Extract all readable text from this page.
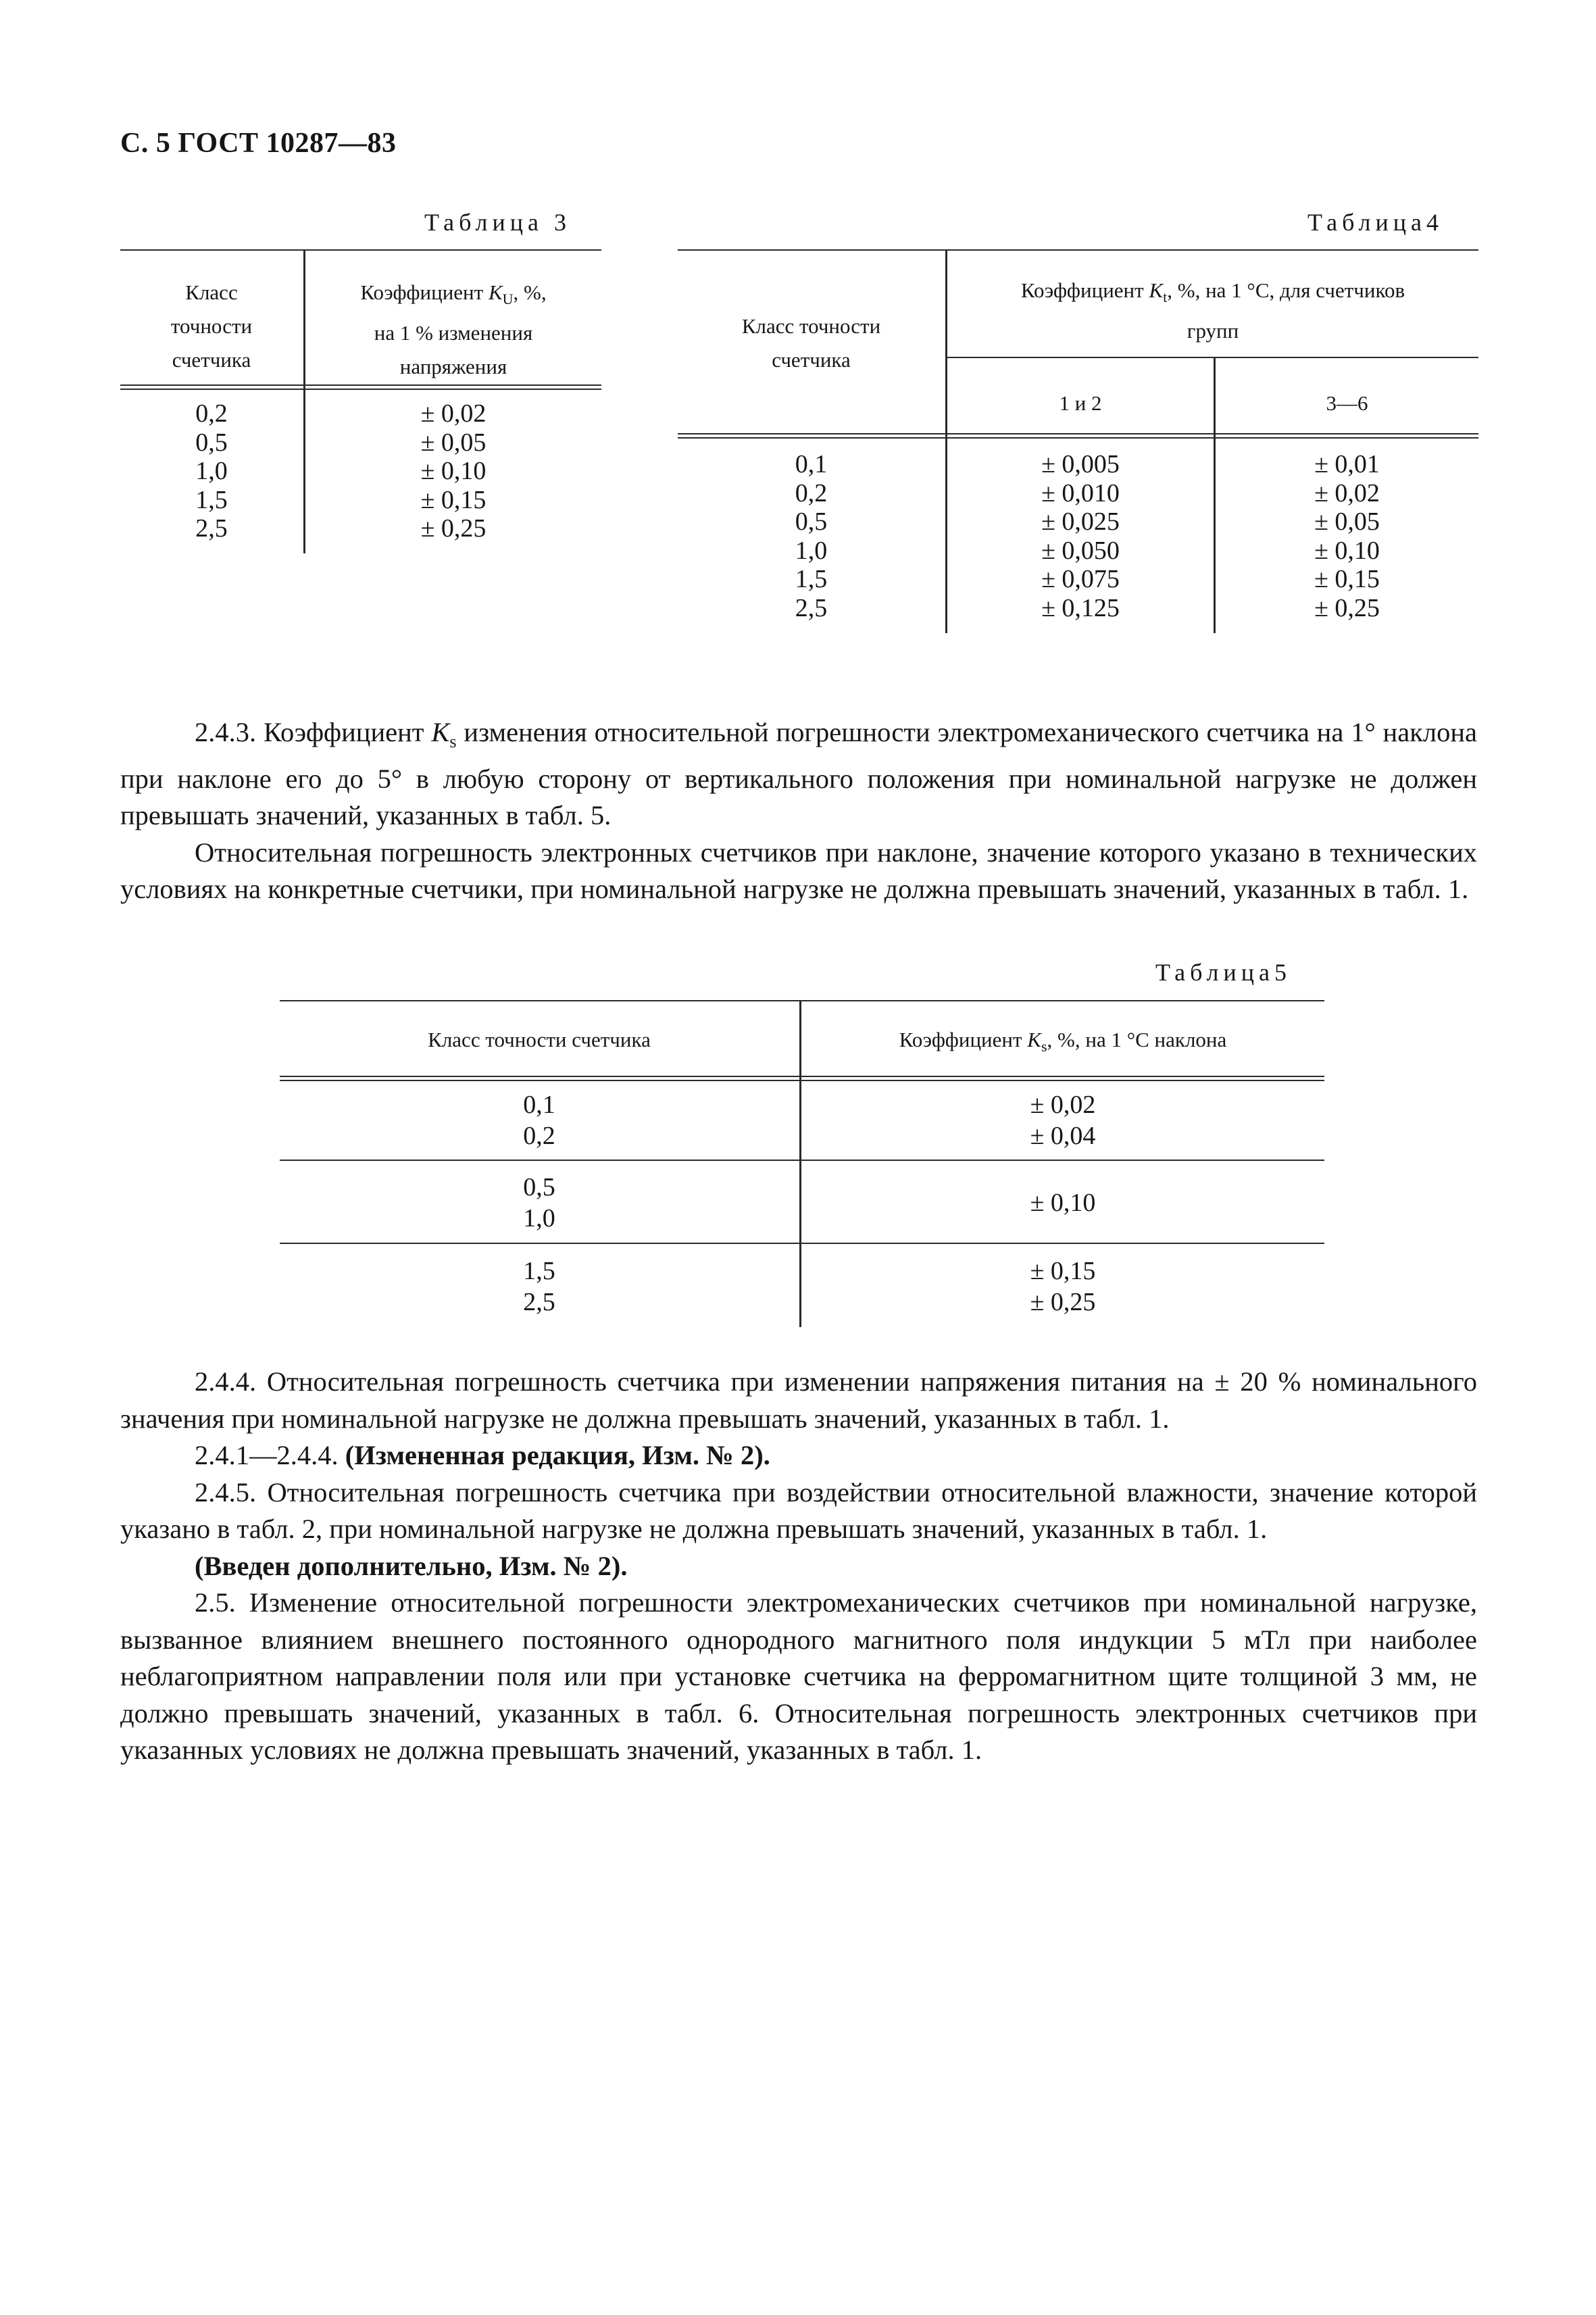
С. 5 ГОСТ 10287—83
Таблица 3
Класс
точности
счетчика
Коэффициент $K_U$, %,
на 1 % изменения
напряжения
0,2
0,5
1,0
1,5
2,5
± 0,02
± 0,05
± 0,10
± 0,15
± 0,25
Таблица4
Класс точности
счетчика
Коэффициент $K_t$, %, на 1 °С, для счетчиков
групп
1 и 2	3—6
0,1
0,2
0,5
1,0
1,5
2,5
± 0,005
± 0,010
± 0,025
± 0,050
± 0,075
± 0,125
± 0,01
± 0,02
± 0,05
± 0,10
± 0,15
± 0,25

2.4.3. Коэффициент $K_s$ изменения относительной погрешности электромеханического счетчика на 1° наклона при наклоне его до 5° в любую сторону от вертикального положения при номинальной нагрузке не должен превышать значений, указанных в табл. 5.

Относительная погрешность электронных счетчиков при наклоне, значение которого указано в технических условиях на конкретные счетчики, при номинальной нагрузке не должна превышать значений, указанных в табл. 1.

Таблица5
Класс точности счетчика	Коэффициент $K_s$, %, на 1 °С наклона
0,1
0,2
± 0,02
± 0,04
0,5
1,0
± 0,10
1,5
2,5
± 0,15
± 0,25

2.4.4. Относительная погрешность счетчика при изменении напряжения питания на ± 20 % номинального значения при номинальной нагрузке не должна превышать значений, указанных в табл. 1.

2.4.1—2.4.4. (Измененная редакция, Изм. № 2).

2.4.5. Относительная погрешность счетчика при воздействии относительной влажности, значение которой указано в табл. 2, при номинальной нагрузке не должна превышать значений, указанных в табл. 1.

(Введен дополнительно, Изм. № 2).

2.5. Изменение относительной погрешности электромеханических счетчиков при номинальной нагрузке, вызванное влиянием внешнего постоянного однородного магнитного поля индукции 5 мТл при наиболее неблагоприятном направлении поля или при установке счетчика на ферромагнитном щите толщиной 3 мм, не должно превышать значений, указанных в табл. 6. Относительная погрешность электронных счетчиков при указанных условиях не должна превышать значений, указанных в табл. 1.
